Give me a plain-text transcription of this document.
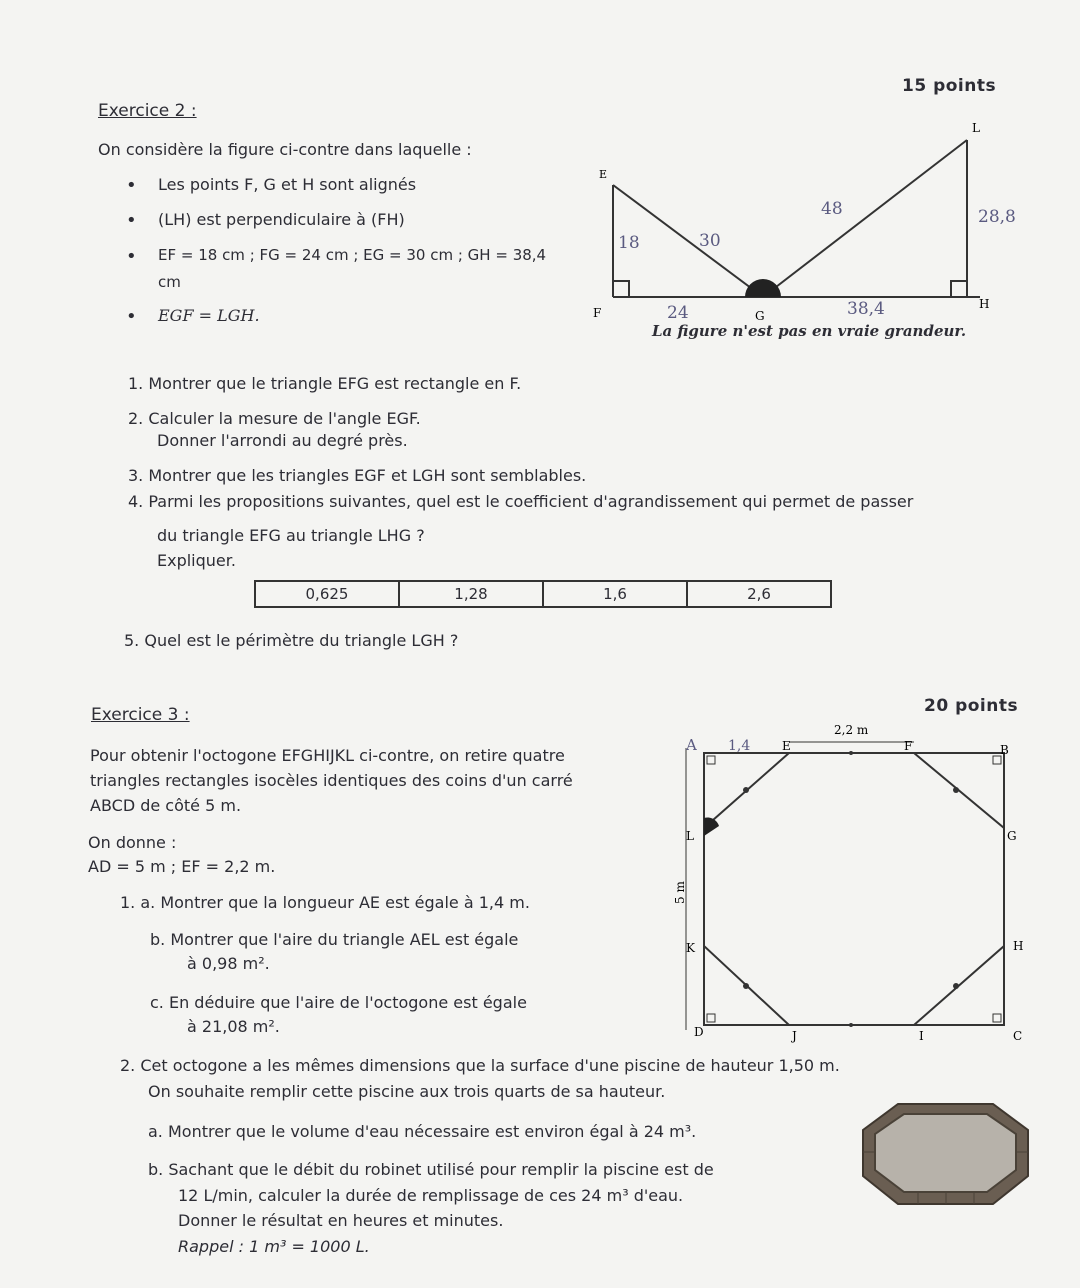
15 points
Exercice 2 :
On considère la figure ci-contre dans laquelle :
• Les points F, G et H sont alignés
• (LH) est perpendiculaire à (FH)
• EF = 18 cm ; FG = 24 cm ; EG = 30 cm ; GH = 38,4
cm
• EGF = LGH.
E
F	G
H
L
18	30
24
48
38,4
28,8
La figure n'est pas en vraie grandeur.
1. Montrer que le triangle EFG est rectangle en F.
2. Calculer la mesure de l'angle EGF.
Donner l'arrondi au degré près.
3. Montrer que les triangles EGF et LGH sont semblables.
4. Parmi les propositions suivantes, quel est le coefficient d'agrandissement qui permet de passer
du triangle EFG au triangle LHG ?
Expliquer.
0,625	1,28	1,6	2,6
5. Quel est le périmètre du triangle LGH ?
20 points
Exercice 3 :
Pour obtenir l'octogone EFGHIJKL ci-contre, on retire quatre
triangles rectangles isocèles identiques des coins d'un carré
ABCD de côté 5 m.
On donne :
AD = 5 m ; EF = 2,2 m.
1. a. Montrer que la longueur AE est égale à 1,4 m.
b. Montrer que l'aire du triangle AEL est égale
à 0,98 m².
c. En déduire que l'aire de l'octogone est égale
à 21,08 m².
2,2 m
5 m
A	E	F	B
G
H
C
I
J
D
K
L
1,4
2. Cet octogone a les mêmes dimensions que la surface d'une piscine de hauteur 1,50 m.
On souhaite remplir cette piscine aux trois quarts de sa hauteur.
a. Montrer que le volume d'eau nécessaire est environ égal à 24 m³.
b. Sachant que le débit du robinet utilisé pour remplir la piscine est de
12 L/min, calculer la durée de remplissage de ces 24 m³ d'eau.
Donner le résultat en heures et minutes.
Rappel : 1 m³ = 1000 L.
